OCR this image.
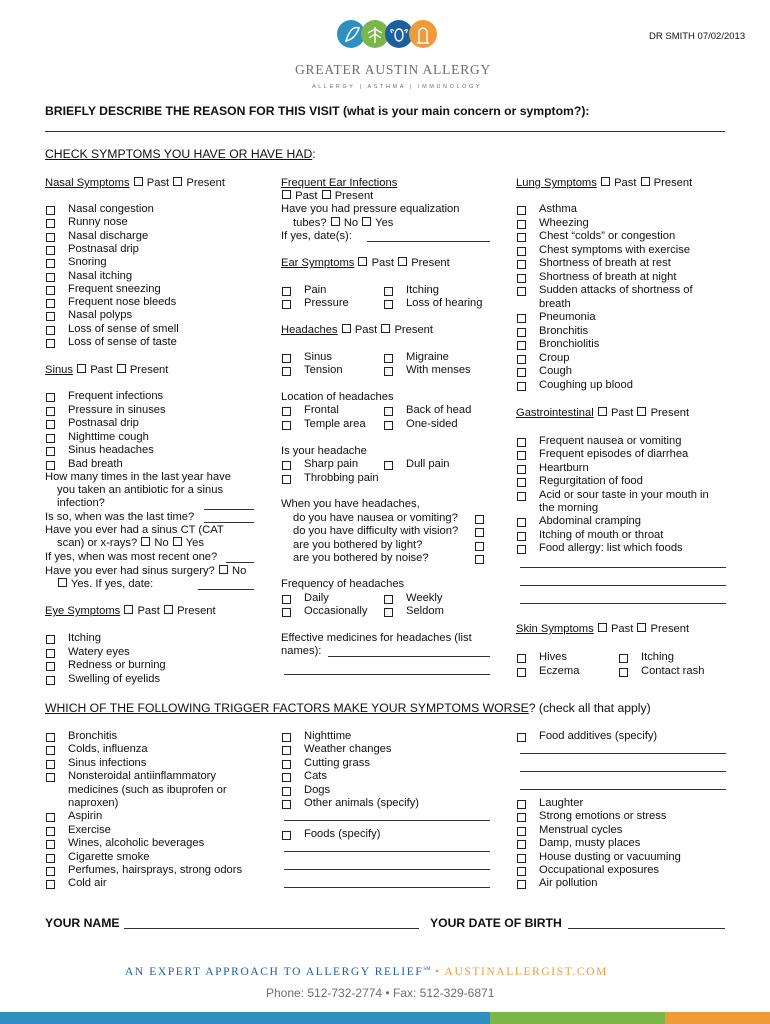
DR SMITH 07/02/2013
GREATER AUSTIN ALLERGY
ALLERGY | ASTHMA | IMMUNOLOGY
BRIEFLY DESCRIBE THE REASON FOR THIS VISIT (what is your main concern or symptom?):
CHECK SYMPTOMS YOU HAVE OR HAVE HAD:
Nasal Symptoms Past Present
Nasal congestion
Runny nose
Nasal discharge
Postnasal drip
Snoring
Nasal itching
Frequent sneezing
Frequent nose bleeds
Nasal polyps
Loss of sense of smell
Loss of sense of taste
Sinus Past Present
Frequent infections
Pressure in sinuses
Postnasal drip
Nighttime cough
Sinus headaches
Bad breath
How many times in the last year have
you taken an antibiotic for a sinus
infection?
Is so, when was the last time?
Have you ever had a sinus CT (CAT
scan) or x-rays? No Yes
If yes, when was most recent one?
Have you ever had sinus surgery? No
Yes. If yes, date:
Eye Symptoms Past Present
Itching
Watery eyes
Redness or burning
Swelling of eyelids
Frequent Ear Infections
Past Present
Have you had pressure equalization
tubes? No Yes
If yes, date(s):
Ear Symptoms Past Present
Pain	Itching
Pressure	Loss of hearing
Headaches Past Present
Sinus	Migraine
Tension	With menses
Location of headaches
Frontal	Back of head
Temple area	One-sided
Is your headache
Sharp pain	Dull pain
Throbbing pain
When you have headaches,
do you have nausea or vomiting?
do you have difficulty with vision?
are you bothered by light?
are you bothered by noise?
Frequency of headaches
Daily	Weekly
Occasionally	Seldom
Effective medicines for headaches (list
names):
Lung Symptoms Past Present
Asthma
Wheezing
Chest “colds” or congestion
Chest symptoms with exercise
Shortness of breath at rest
Shortness of breath at night
Sudden attacks of shortness of
breath
Pneumonia
Bronchitis
Bronchiolitis
Croup
Cough
Coughing up blood
Gastrointestinal Past Present
Frequent nausea or vomiting
Frequent episodes of diarrhea
Heartburn
Regurgitation of food
Acid or sour taste in your mouth in
the morning
Abdominal cramping
Itching of mouth or throat
Food allergy: list which foods
Skin Symptoms Past Present
Hives	Itching
Eczema	Contact rash
WHICH OF THE FOLLOWING TRIGGER FACTORS MAKE YOUR SYMPTOMS WORSE? (check all that apply)
Bronchitis
Colds, influenza
Sinus infections
Nonsteroidal antiinflammatory
medicines (such as ibuprofen or
naproxen)
Aspirin
Exercise
Wines, alcoholic beverages
Cigarette smoke
Perfumes, hairsprays, strong odors
Cold air
Nighttime
Weather changes
Cutting grass
Cats
Dogs
Other animals (specify)
Foods (specify)
Food additives (specify)
Laughter
Strong emotions or stress
Menstrual cycles
Damp, musty places
House dusting or vacuuming
Occupational exposures
Air pollution
YOUR NAME	YOUR DATE OF BIRTH
AN EXPERT APPROACH TO ALLERGY RELIEF℠ • AUSTINALLERGIST.COM
Phone: 512-732-2774 • Fax: 512-329-6871
